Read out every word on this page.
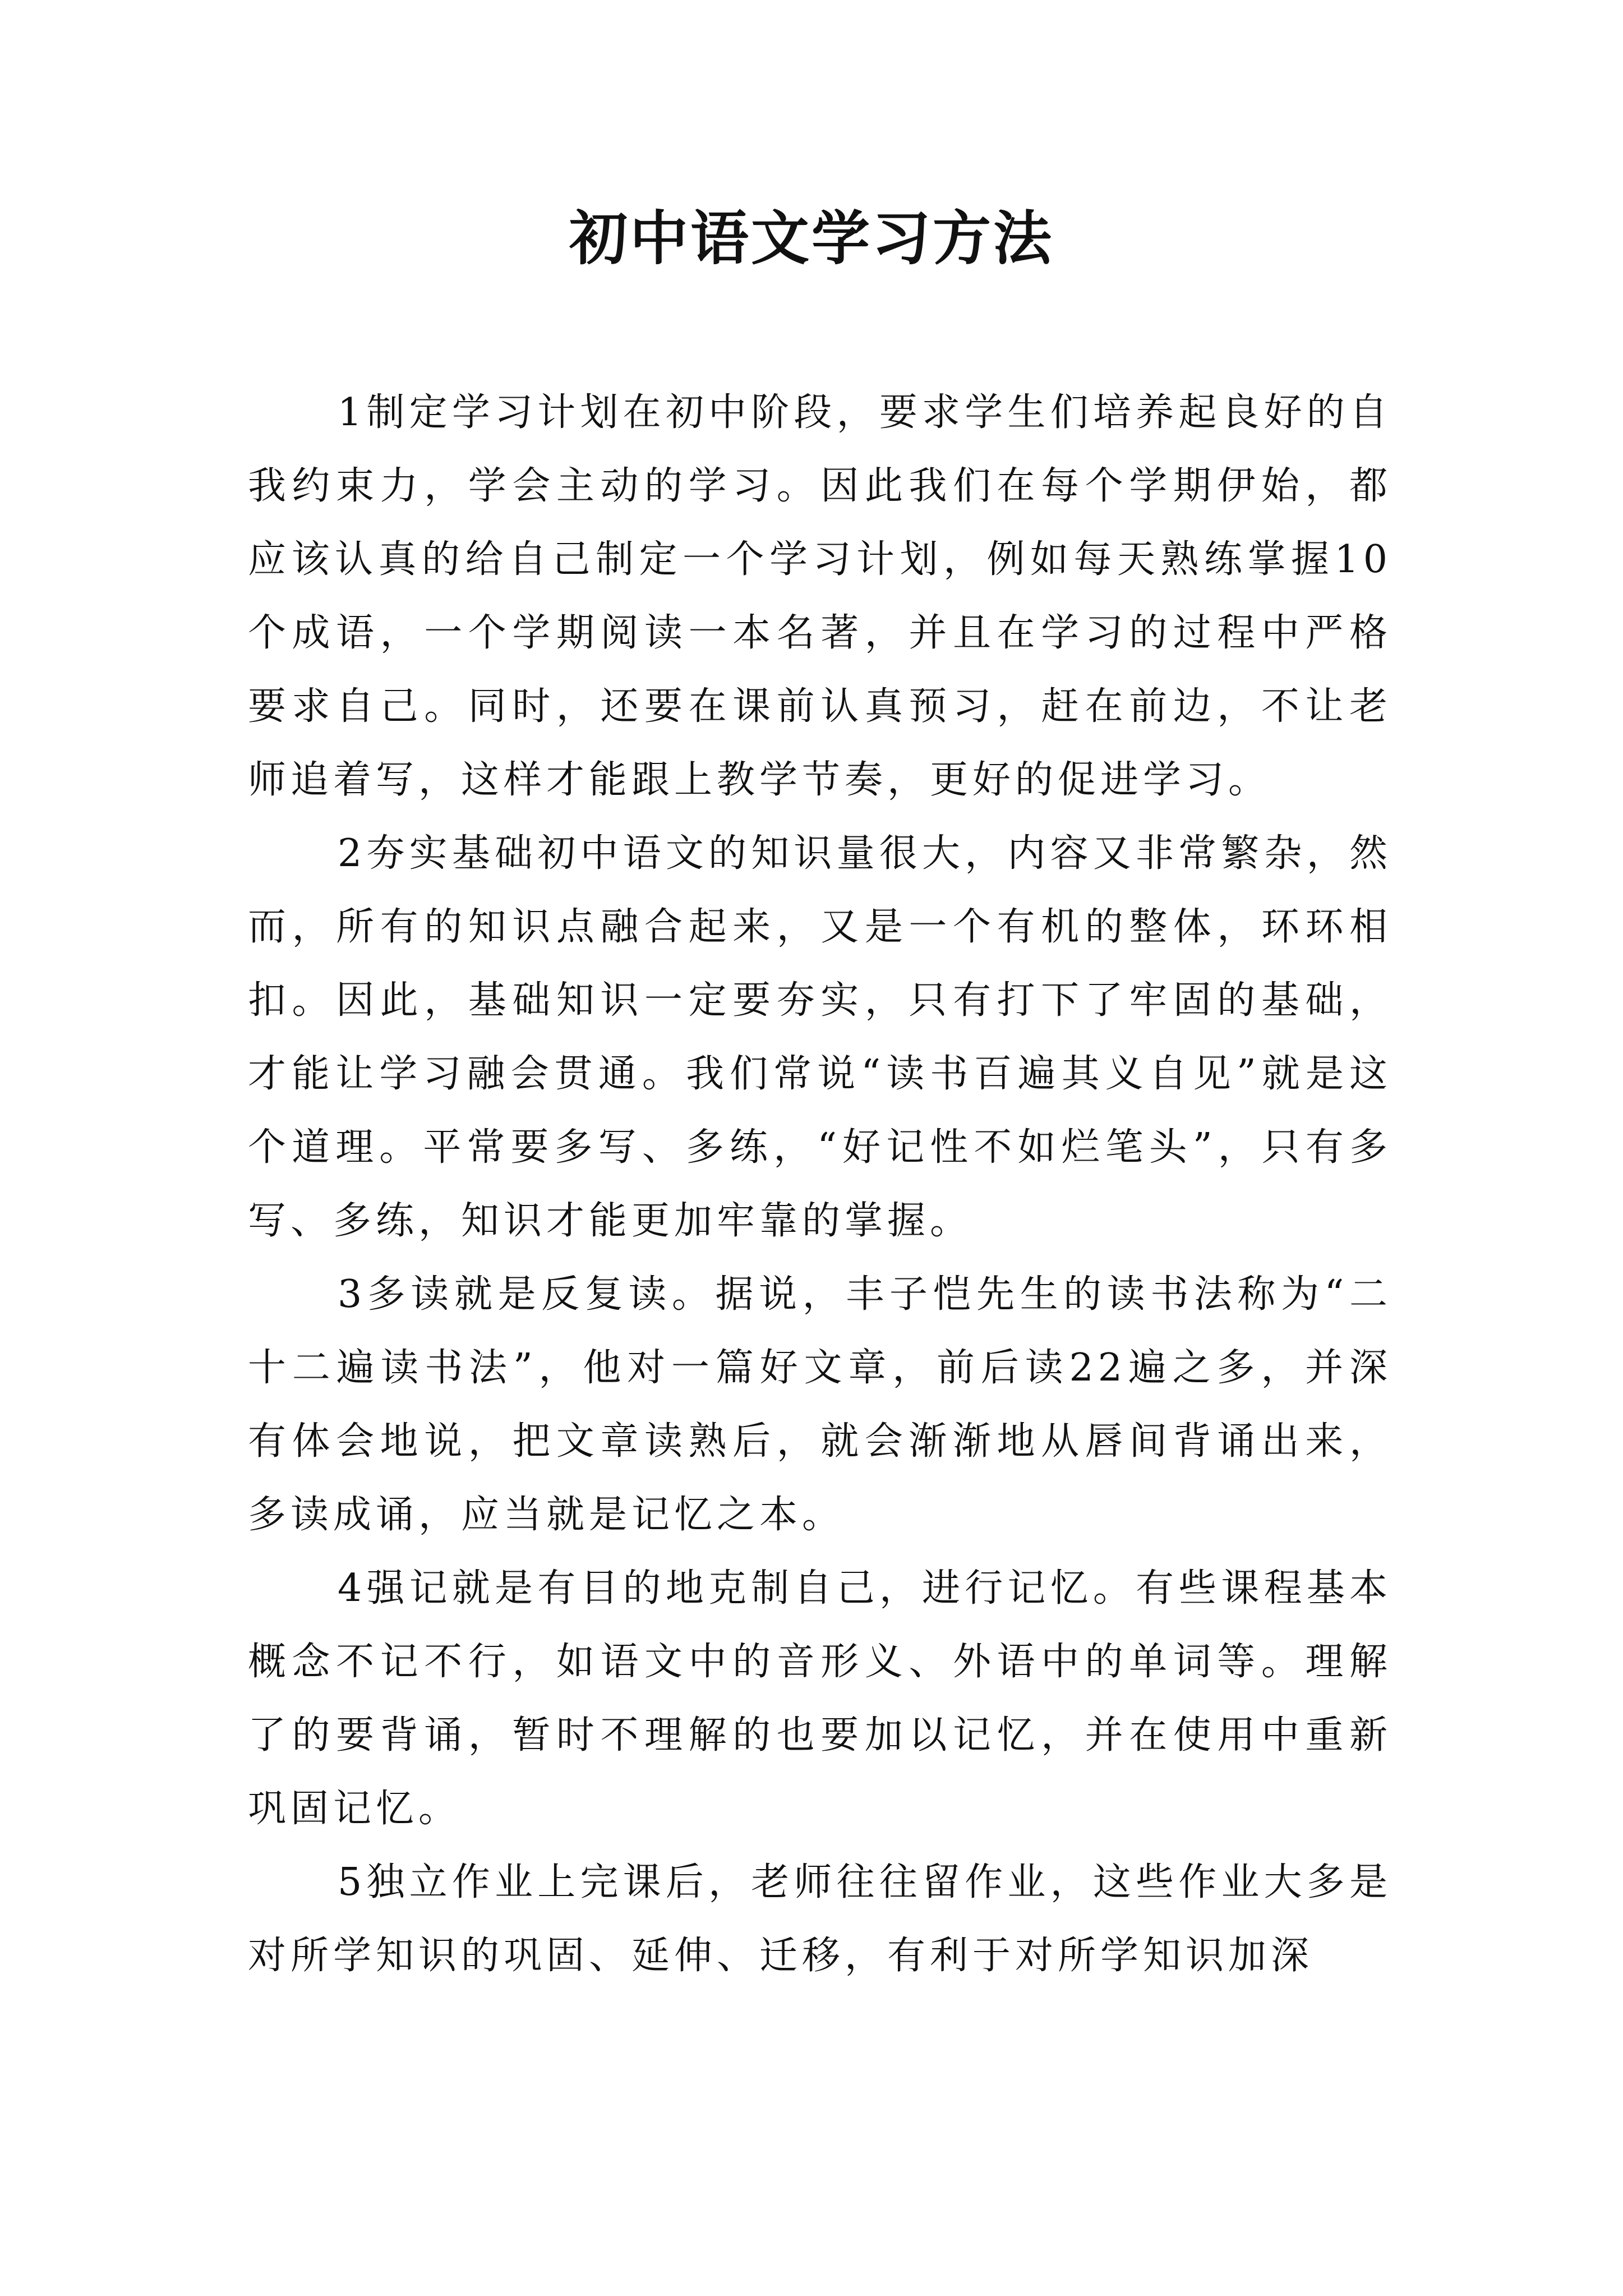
初中语文学习方法

1制定学习计划在初中阶段，要求学生们培养起良好的自我约束力，学会主动的学习。因此我们在每个学期伊始，都应该认真的给自己制定一个学习计划，例如每天熟练掌握10个成语，一个学期阅读一本名著，并且在学习的过程中严格要求自己。同时，还要在课前认真预习，赶在前边，不让老师追着写，这样才能跟上教学节奏，更好的促进学习。

2夯实基础初中语文的知识量很大，内容又非常繁杂，然而，所有的知识点融合起来，又是一个有机的整体，环环相扣。因此，基础知识一定要夯实，只有打下了牢固的基础，才能让学习融会贯通。我们常说“读书百遍其义自见”就是这个道理。平常要多写、多练，“好记性不如烂笔头”，只有多写、多练，知识才能更加牢靠的掌握。

3多读就是反复读。据说，丰子恺先生的读书法称为“二十二遍读书法”，他对一篇好文章，前后读22遍之多，并深有体会地说，把文章读熟后，就会渐渐地从唇间背诵出来，多读成诵，应当就是记忆之本。

4强记就是有目的地克制自己，进行记忆。有些课程基本概念不记不行，如语文中的音形义、外语中的单词等。理解了的要背诵，暂时不理解的也要加以记忆，并在使用中重新巩固记忆。

5独立作业上完课后，老师往往留作业，这些作业大多是对所学知识的巩固、延伸、迁移，有利于对所学知识加深
